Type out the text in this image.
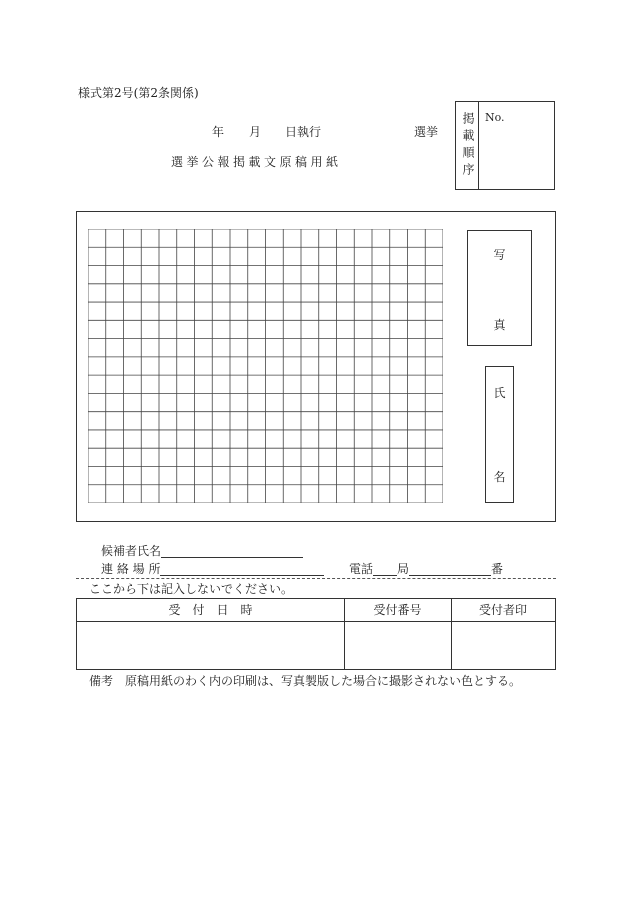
様式第2号(第2条関係)
年 月 日執行	選挙
選挙公報掲載文原稿用紙	掲載順序 No.
写
真
氏
名
候補者氏名
連 絡 場 所	電話 局	番
ここから下は記入しないでください。
受　付　日　時	受付番号	受付者印
備考　原稿用紙のわく内の印刷は、写真製版した場合に撮影されない色とする。
